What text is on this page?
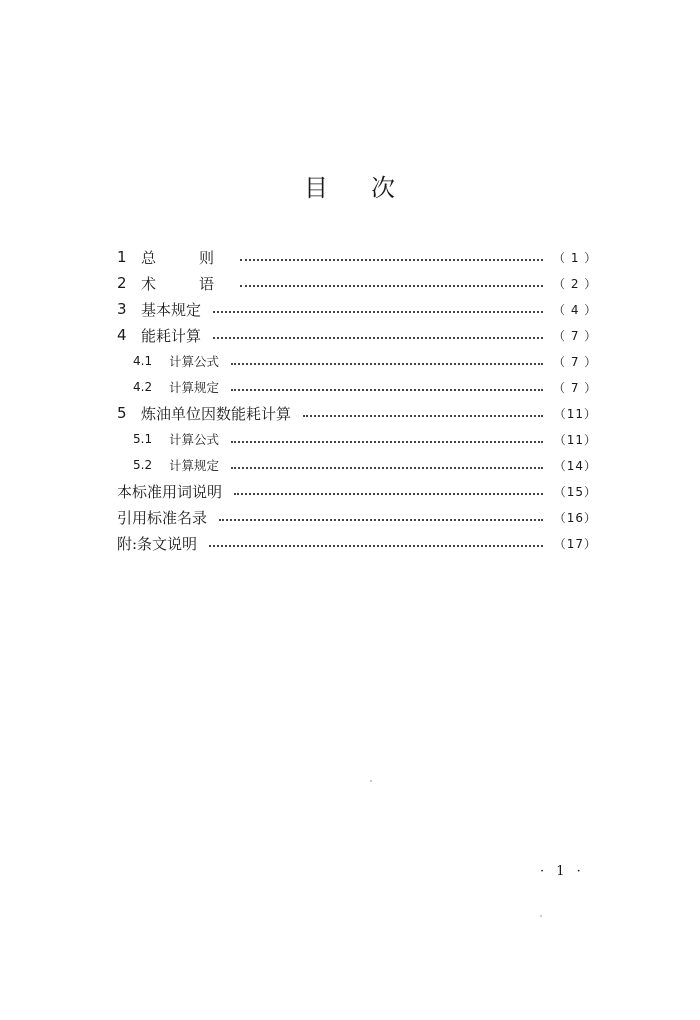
目 次
1 总　则	（ 1 ）
2 术　语	（ 2 ）
3 基本规定	（ 4 ）
4 能耗计算	（ 7 ）
4.1	计算公式	（ 7 ）
4.2	计算规定	（ 7 ）
5 炼油单位因数能耗计算	（11）
5.1	计算公式	（11）
5.2	计算规定	（14）
本标准用词说明	（15）
引用标准名录	（16）
附:条文说明	（17）
· 1 ·
